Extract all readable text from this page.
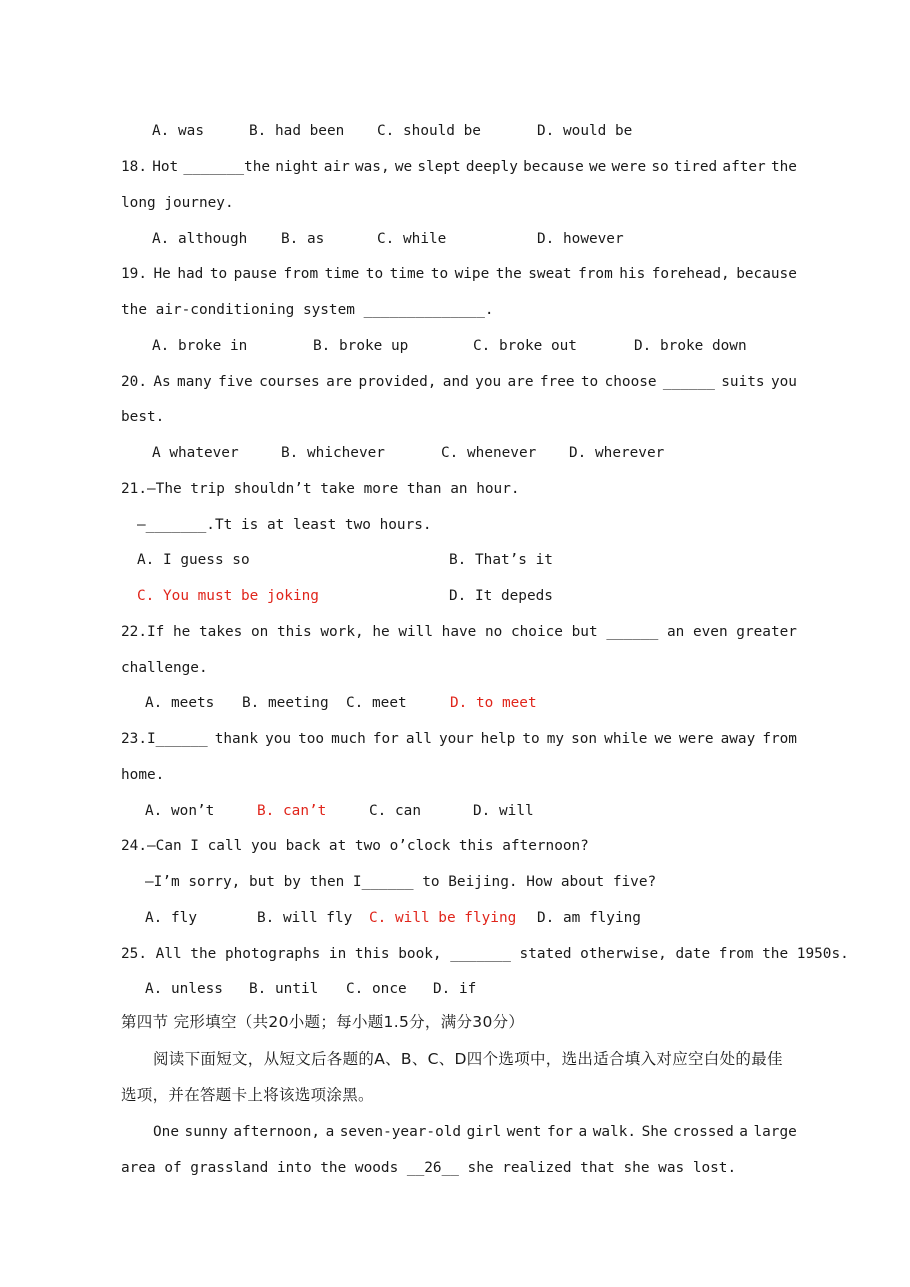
A. was	B. had been C. should be	D. would be
18. Hot _______the night air was, we slept deeply because we were so tired after the
long journey.
A. although B. as	C. while	D. however
19. He had to pause from time to time to wipe the sweat from his forehead, because
the air-conditioning system ______________.
A. broke in	B. broke up	C. broke out	D. broke down
20. As many five courses are provided, and you are free to choose ______ suits you
best.
A whatever	B. whichever	C. whenever D. wherever
21.—The trip shouldn’t take more than an hour.
—_______.Tt is at least two hours.
A. I guess so	B. That’s it
C. You must be joking	D. It depeds
22.If he takes on this work, he will have no choice but ______ an even greater
challenge.
A. meets B. meeting C. meet	D. to meet
23.I______ thank you too much for all your help to my son while we were away from
home.
A. won’t	B. can’t	C. can	D. will
24.—Can I call you back at two o’clock this afternoon?
—I’m sorry, but by then I______ to Beijing. How about five?
A. fly	B. will fly C. will be flying D. am flying
25. All the photographs in this book, _______ stated otherwise, date from the 1950s.
A. unless B. until C. once D. if
第四节 完形填空（共20小题；每小题1.5分，满分30分）
阅读下面短文，从短文后各题的A、B、C、D四个选项中，选出适合填入对应空白处的最佳
选项，并在答题卡上将该选项涂黑。
One sunny afternoon, a seven-year-old girl went for a walk. She crossed a large
area of grassland into the woods __26__ she realized that she was lost.
